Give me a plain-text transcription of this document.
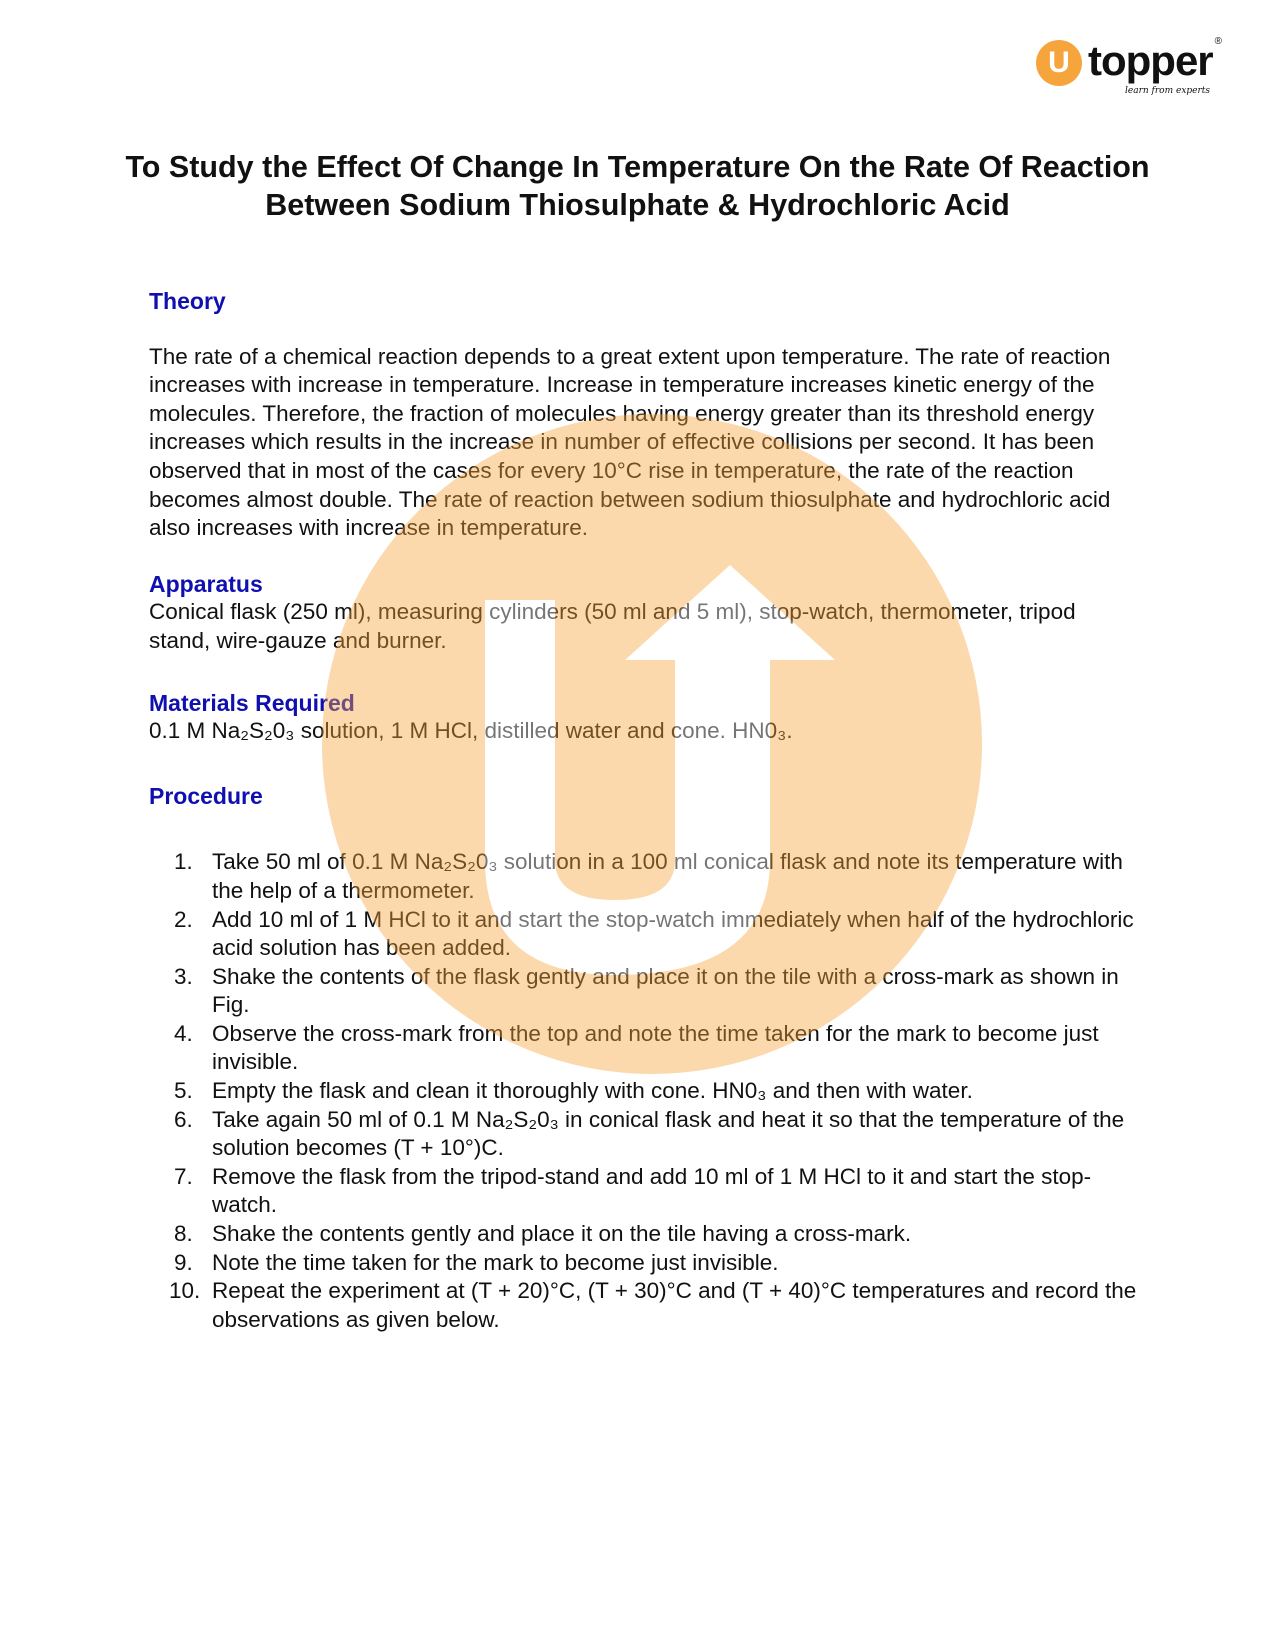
U topper ®
learn from experts
To Study the Effect Of Change In Temperature On the Rate Of Reaction Between Sodium Thiosulphate & Hydrochloric Acid
Theory
The rate of a chemical reaction depends to a great extent upon temperature. The rate of reaction increases with increase in temperature. Increase in temperature increases kinetic energy of the molecules. Therefore, the fraction of molecules having energy greater than its threshold energy increases which results in the increase in number of effective collisions per second. It has been observed that in most of the cases for every 10°C rise in temperature, the rate of the reaction becomes almost double. The rate of reaction between sodium thiosulphate and hydrochloric acid also increases with increase in temperature.
Apparatus
Conical flask (250 ml), measuring cylinders (50 ml and 5 ml), stop-watch, thermometer, tripod stand, wire-gauze and burner.
Materials Required
0.1 M Na₂S₂0₃ solution, 1 M HCl, distilled water and cone. HN0₃.
Procedure
1. Take 50 ml of 0.1 M Na₂S₂0₃ solution in a 100 ml conical flask and note its temperature with the help of a thermometer.
2. Add 10 ml of 1 M HCl to it and start the stop-watch immediately when half of the hydrochloric acid solution has been added.
3. Shake the contents of the flask gently and place it on the tile with a cross-mark as shown in Fig.
4. Observe the cross-mark from the top and note the time taken for the mark to become just invisible.
5. Empty the flask and clean it thoroughly with cone. HN0₃ and then with water.
6. Take again 50 ml of 0.1 M Na₂S₂0₃ in conical flask and heat it so that the temperature of the solution becomes (T + 10°)C.
7. Remove the flask from the tripod-stand and add 10 ml of 1 M HCl to it and start the stop-watch.
8. Shake the contents gently and place it on the tile having a cross-mark.
9. Note the time taken for the mark to become just invisible.
10. Repeat the experiment at (T + 20)°C, (T + 30)°C and (T + 40)°C temperatures and record the observations as given below.
